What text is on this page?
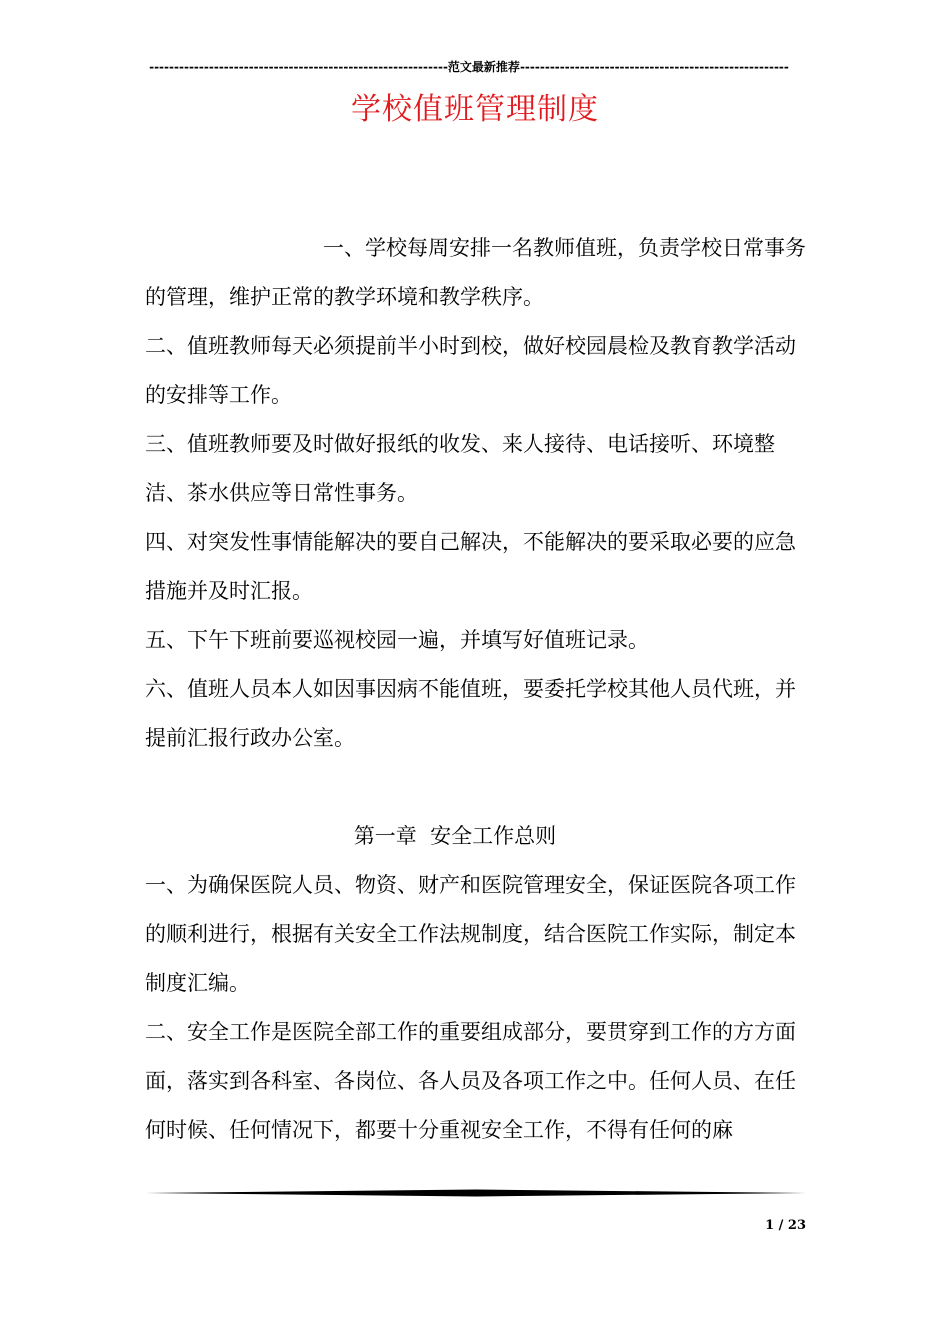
------------------------------------------------------------范文最新推荐------------------------------------------------------
学校值班管理制度

一、学校每周安排一名教师值班，负责学校日常事务的管理，维护正常的教学环境和教学秩序。

二、值班教师每天必须提前半小时到校，做好校园晨检及教育教学活动的安排等工作。

三、值班教师要及时做好报纸的收发、来人接待、电话接听、环境整洁、茶水供应等日常性事务。

四、对突发性事情能解决的要自己解决，不能解决的要采取必要的应急措施并及时汇报。

五、下午下班前要巡视校园一遍，并填写好值班记录。

六、值班人员本人如因事因病不能值班，要委托学校其他人员代班，并提前汇报行政办公室。

第一章  安全工作总则

一、为确保医院人员、物资、财产和医院管理安全，保证医院各项工作的顺利进行，根据有关安全工作法规制度，结合医院工作实际，制定本制度汇编。

二、安全工作是医院全部工作的重要组成部分，要贯穿到工作的方方面面，落实到各科室、各岗位、各人员及各项工作之中。任何人员、在任何时候、任何情况下，都要十分重视安全工作，不得有任何的麻

1 / 23
